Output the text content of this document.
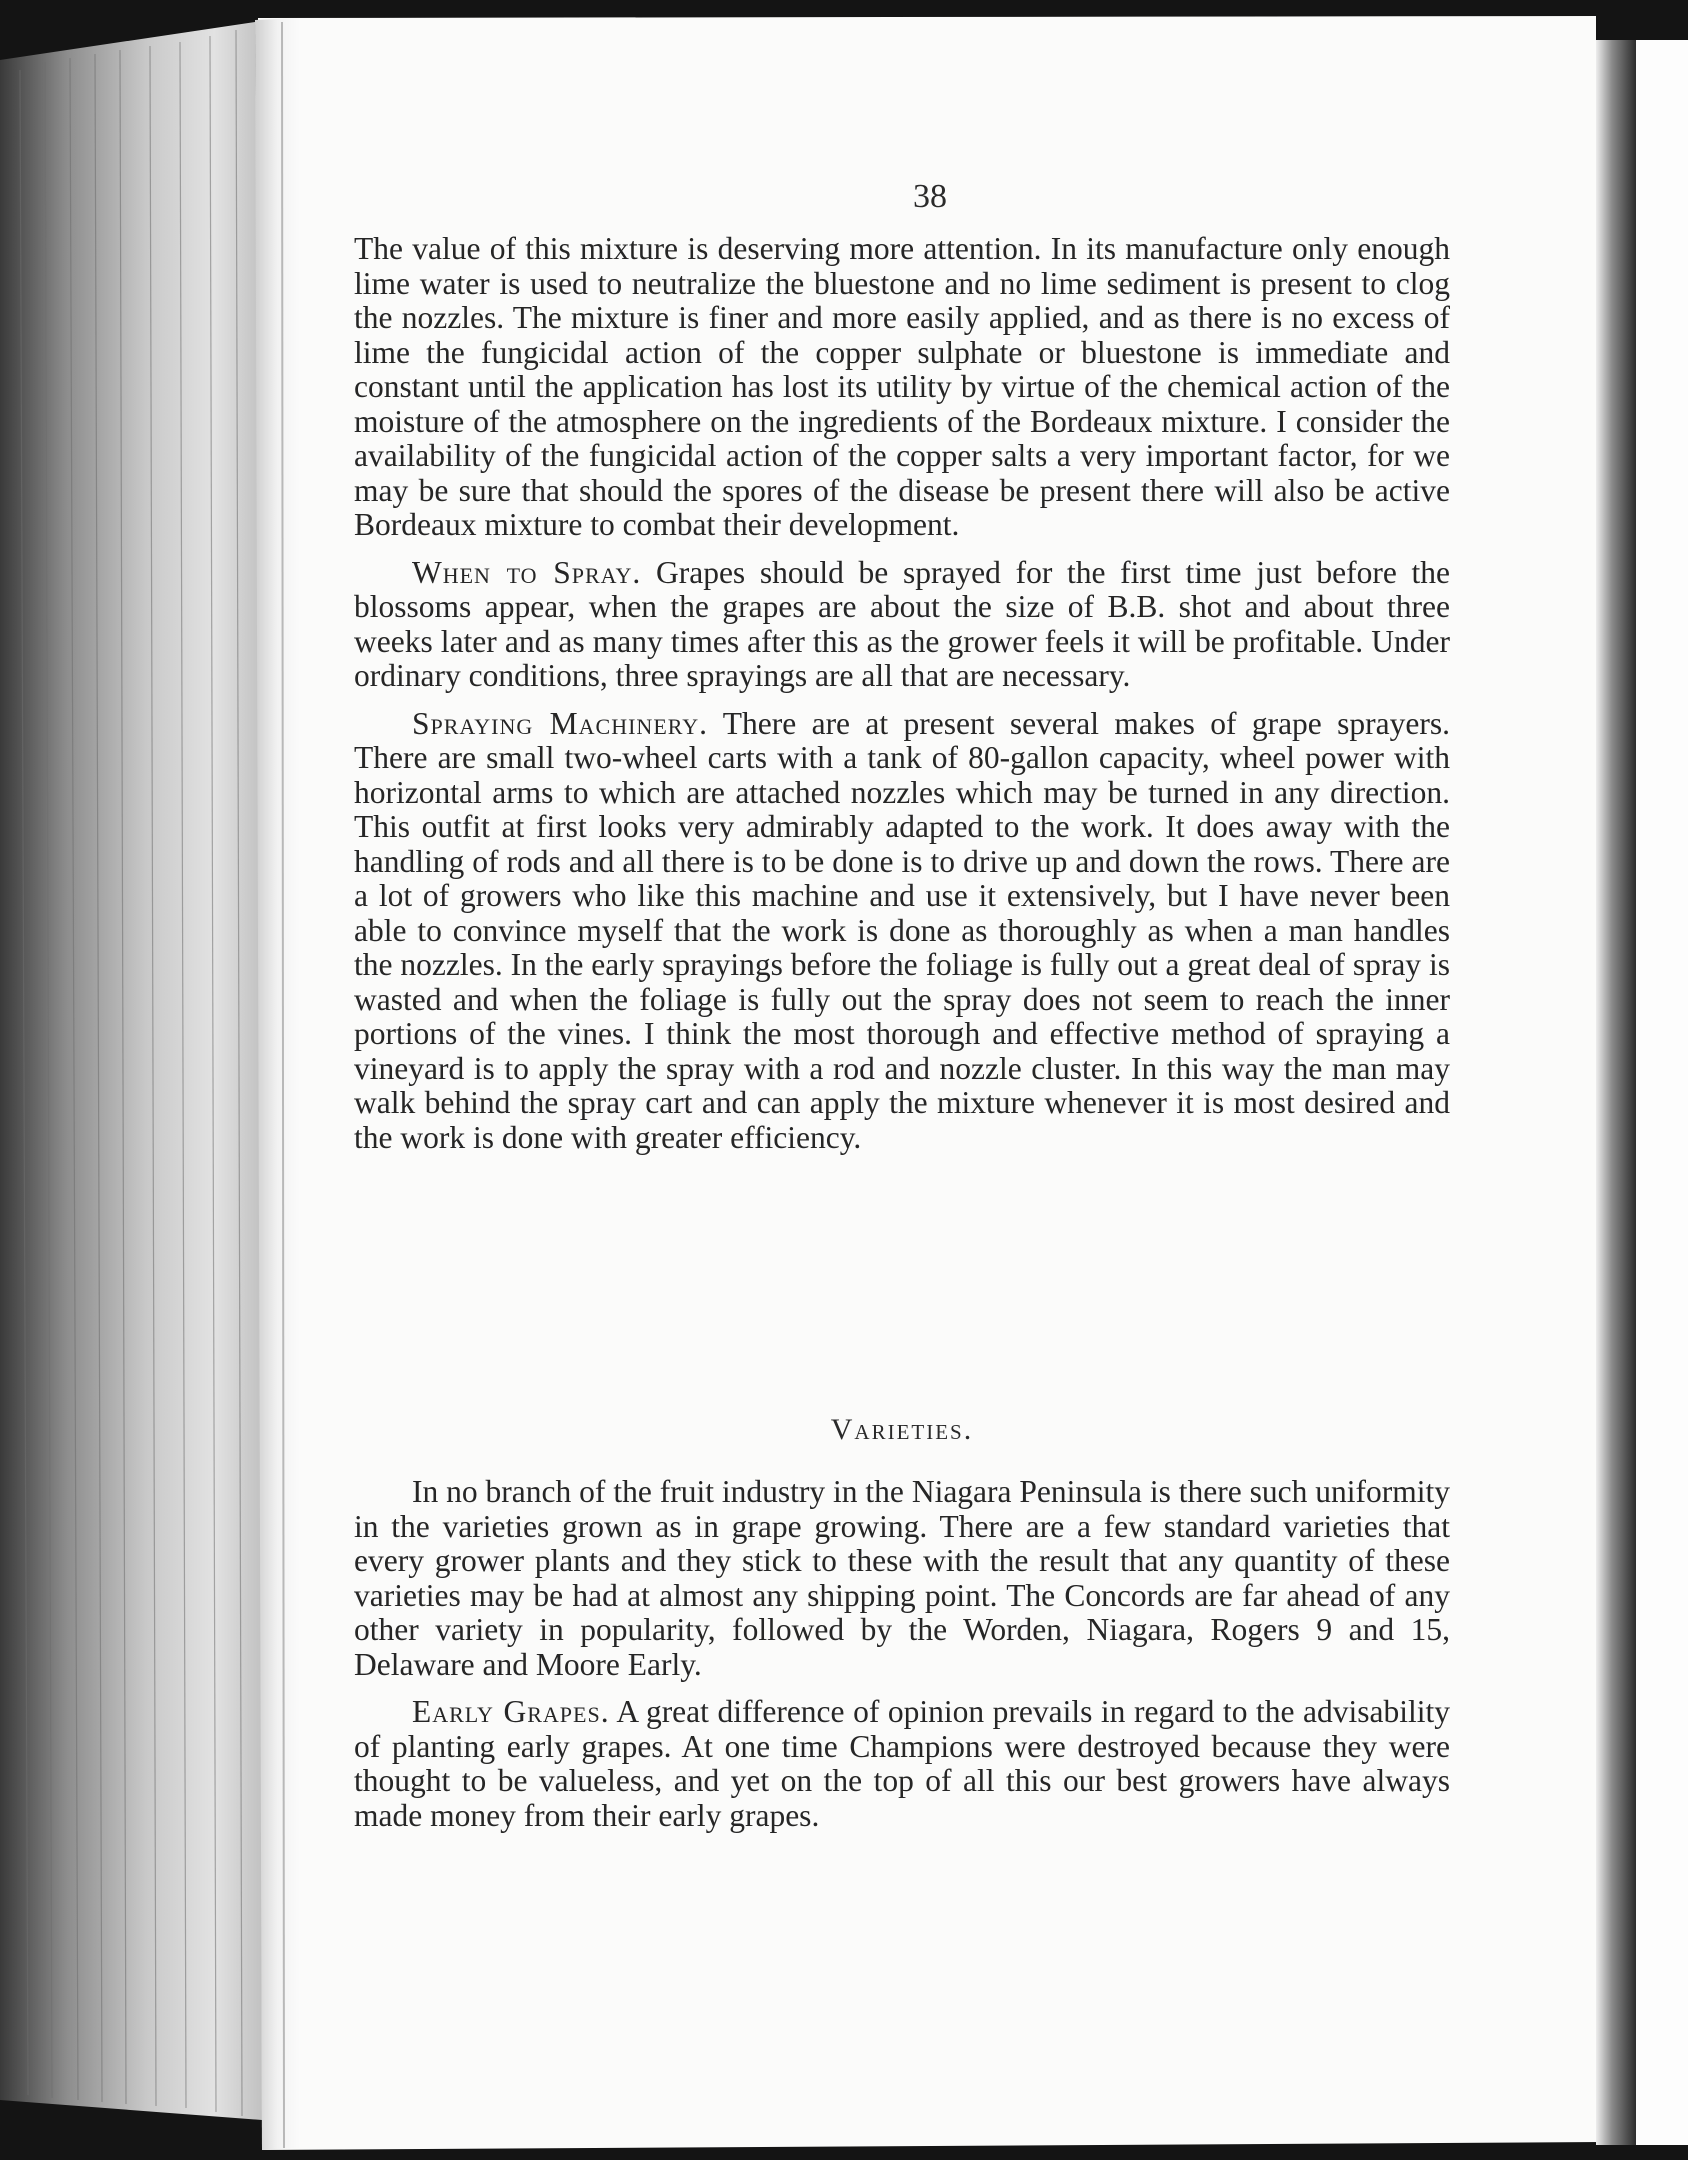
38

The value of this mixture is deserving more attention. In its manufacture only enough lime water is used to neutralize the bluestone and no lime sediment is present to clog the nozzles. The mixture is finer and more easily applied, and as there is no excess of lime the fungicidal action of the copper sulphate or bluestone is immediate and constant until the application has lost its utility by virtue of the chemical action of the moisture of the atmosphere on the ingredients of the Bordeaux mixture. I consider the availability of the fungicidal action of the copper salts a very important factor, for we may be sure that should the spores of the disease be present there will also be active Bordeaux mixture to combat their development.

When to Spray. Grapes should be sprayed for the first time just before the blossoms appear, when the grapes are about the size of B.B. shot and about three weeks later and as many times after this as the grower feels it will be profitable. Under ordinary conditions, three sprayings are all that are necessary.

Spraying Machinery. There are at present several makes of grape sprayers. There are small two-wheel carts with a tank of 80-gallon capacity, wheel power with horizontal arms to which are attached nozzles which may be turned in any direction. This outfit at first looks very admirably adapted to the work. It does away with the handling of rods and all there is to be done is to drive up and down the rows. There are a lot of growers who like this machine and use it extensively, but I have never been able to convince myself that the work is done as thoroughly as when a man handles the nozzles. In the early sprayings before the foliage is fully out a great deal of spray is wasted and when the foliage is fully out the spray does not seem to reach the inner portions of the vines. I think the most thorough and effective method of spraying a vineyard is to apply the spray with a rod and nozzle cluster. In this way the man may walk behind the spray cart and can apply the mixture whenever it is most desired and the work is done with greater efficiency.

Varieties.

In no branch of the fruit industry in the Niagara Peninsula is there such uniformity in the varieties grown as in grape growing. There are a few standard varieties that every grower plants and they stick to these with the result that any quantity of these varieties may be had at almost any shipping point. The Concords are far ahead of any other variety in popularity, followed by the Worden, Niagara, Rogers 9 and 15, Delaware and Moore Early.

Early Grapes. A great difference of opinion prevails in regard to the advisability of planting early grapes. At one time Champions were destroyed because they were thought to be valueless, and yet on the top of all this our best growers have always made money from their early grapes.
